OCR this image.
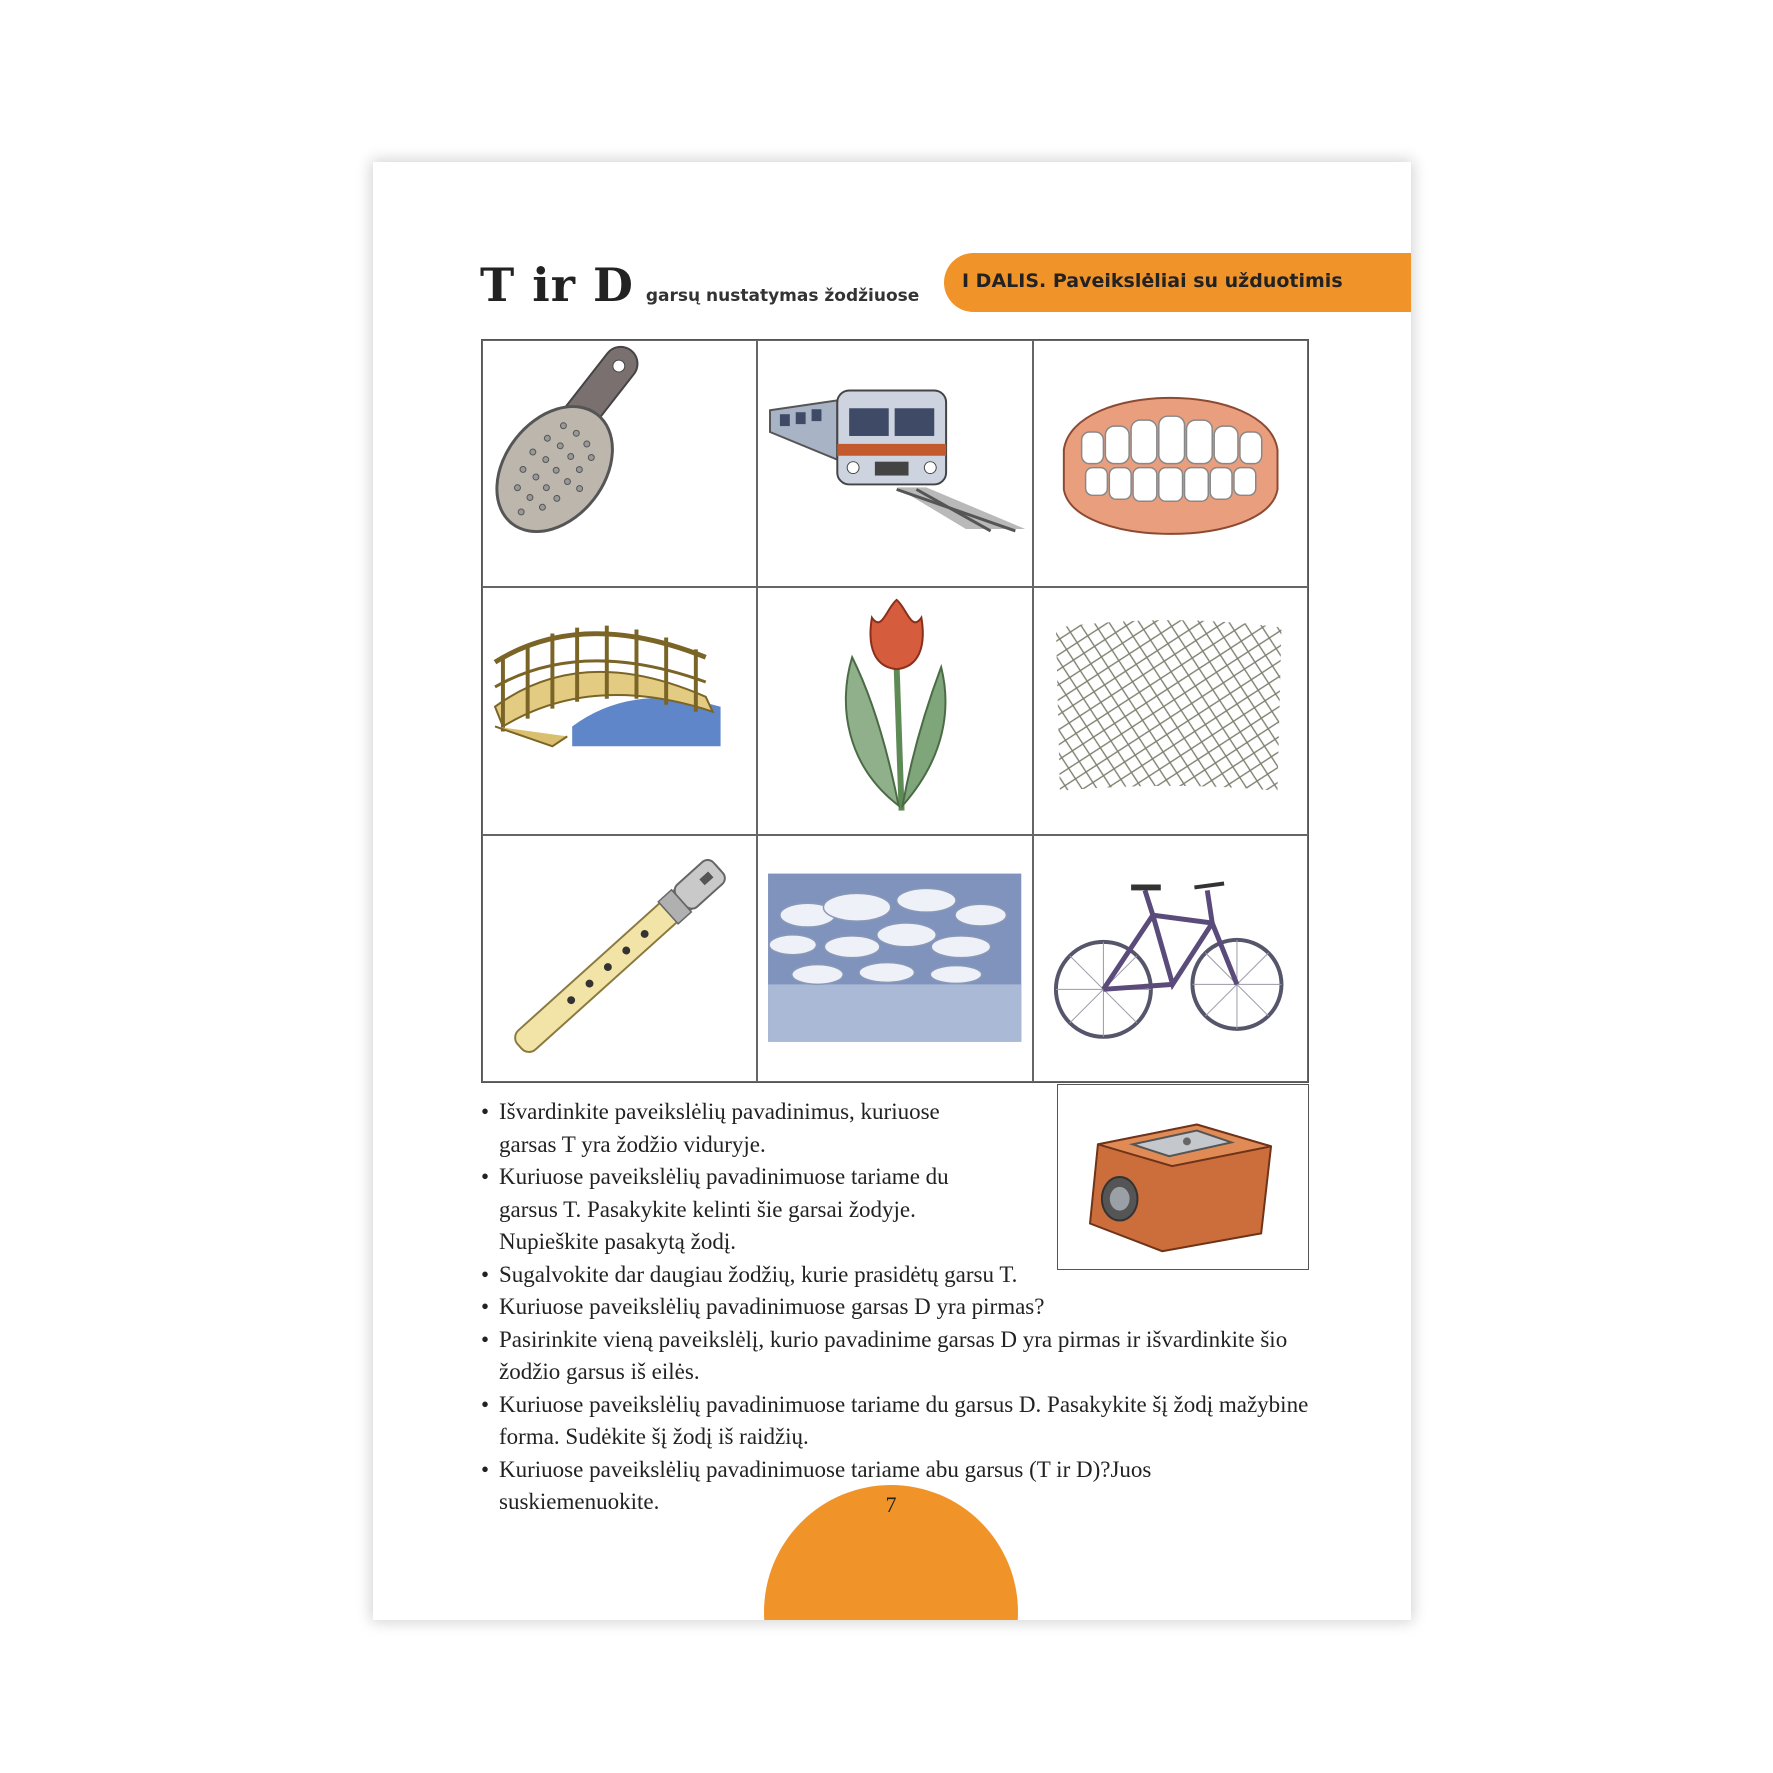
T ir D garsų nustatymas žodžiuose
I DALIS. Paveikslėliai su užduotimis
• Išvardinkite paveikslėlių pavadinimus, kuriuose garsas T yra žodžio viduryje.
• Kuriuose paveikslėlių pavadinimuose tariame du garsus T. Pasakykite kelinti šie garsai žodyje. Nupieškite pasakytą žodį.
• Sugalvokite dar daugiau žodžių, kurie prasidėtų garsu T.
• Kuriuose paveikslėlių pavadinimuose garsas D yra pirmas?
• Pasirinkite vieną paveikslėlį, kurio pavadinime garsas D yra pirmas ir išvardinkite šio žodžio garsus iš eilės.
• Kuriuose paveikslėlių pavadinimuose tariame du garsus D. Pasakykite šį žodį mažybine forma. Sudėkite šį žodį iš raidžių.
• Kuriuose paveikslėlių pavadinimuose tariame abu garsus (T ir D)?Juos suskiemenuokite.	7
